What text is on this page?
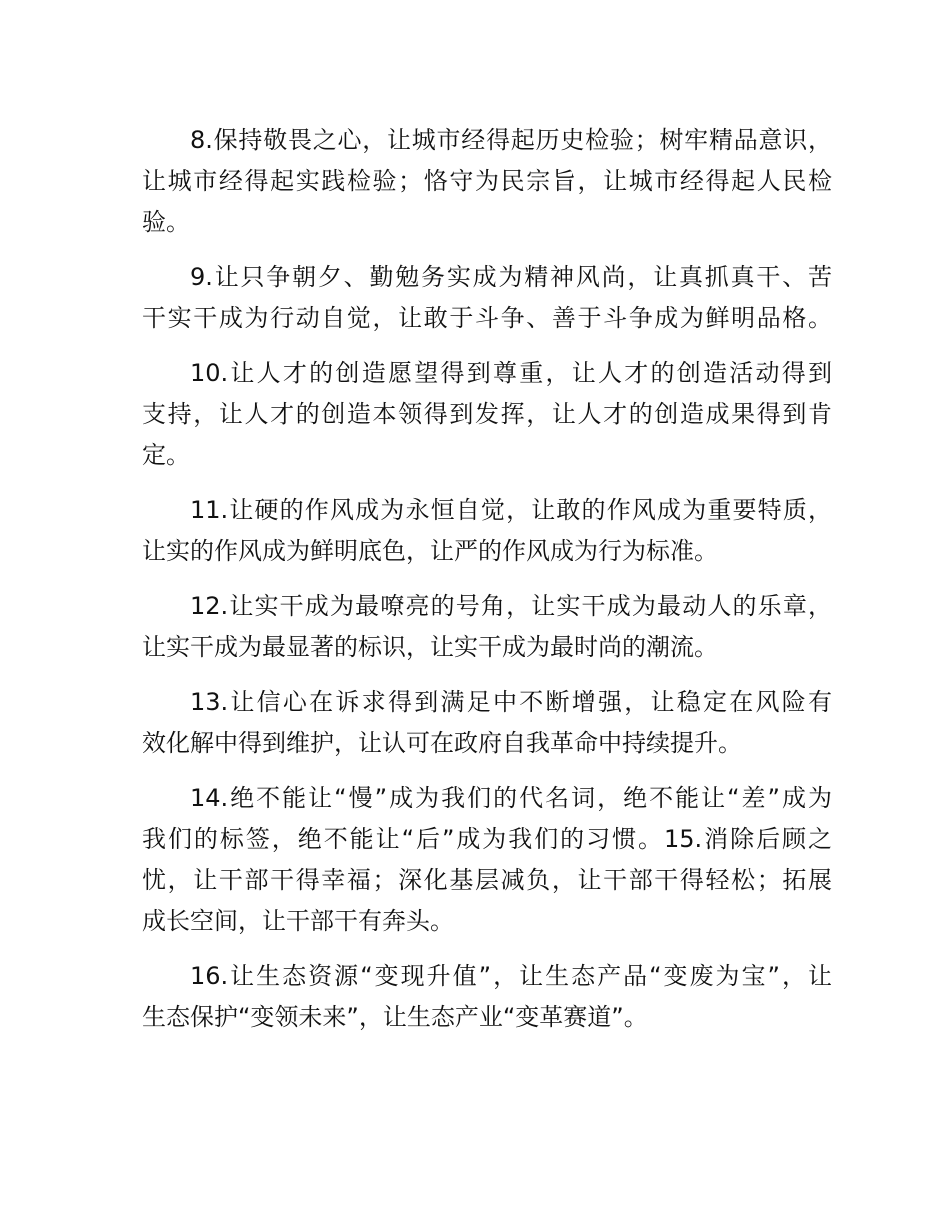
8.保持敬畏之心，让城市经得起历史检验；树牢精品意识，
让城市经得起实践检验；恪守为民宗旨，让城市经得起人民检
验。
9.让只争朝夕、勤勉务实成为精神风尚，让真抓真干、苦
干实干成为行动自觉，让敢于斗争、善于斗争成为鲜明品格。
10.让人才的创造愿望得到尊重，让人才的创造活动得到
支持，让人才的创造本领得到发挥，让人才的创造成果得到肯
定。
11.让硬的作风成为永恒自觉，让敢的作风成为重要特质，
让实的作风成为鲜明底色，让严的作风成为行为标准。
12.让实干成为最嘹亮的号角，让实干成为最动人的乐章，
让实干成为最显著的标识，让实干成为最时尚的潮流。
13.让信心在诉求得到满足中不断增强，让稳定在风险有
效化解中得到维护，让认可在政府自我革命中持续提升。
14.绝不能让“慢”成为我们的代名词，绝不能让“差”成为
我们的标签，绝不能让“后”成为我们的习惯。15.消除后顾之
忧，让干部干得幸福；深化基层减负，让干部干得轻松；拓展
成长空间，让干部干有奔头。
16.让生态资源“变现升值”，让生态产品“变废为宝”，让
生态保护“变领未来”，让生态产业“变革赛道”。
